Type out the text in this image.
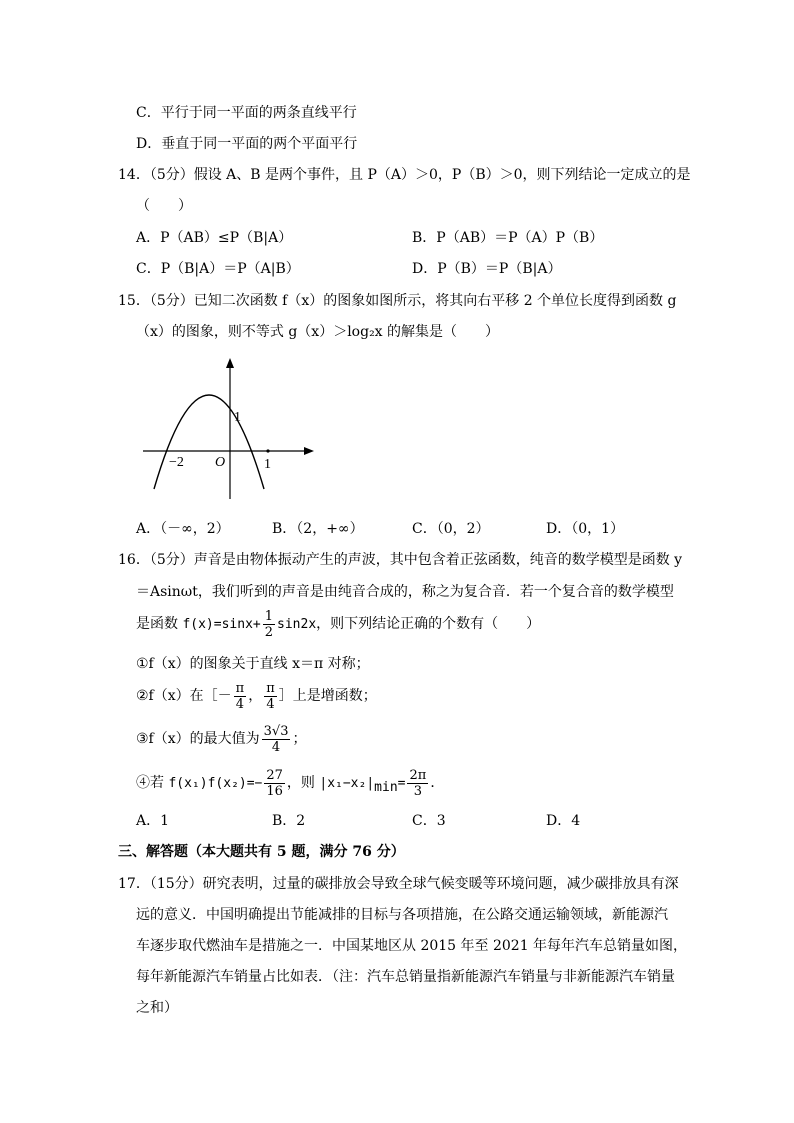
C．平行于同一平面的两条直线平行
D．垂直于同一平面的两个平面平行
14．（5分）假设 A、B 是两个事件，且 P（A）＞0，P（B）＞0，则下列结论一定成立的是
（　　）
A．P（AB）≤P（B|A）	B．P（AB）＝P（A）P（B）
C．P（B|A）＝P（A|B）	D．P（B）＝P（B|A）
15．（5分）已知二次函数 f（x）的图象如图所示，将其向右平移 2 个单位长度得到函数 g
（x）的图象，则不等式 g（x）＞log₂x 的解集是（　　）
1
−2 O	1
A．（－∞，2）	B．（2，+∞）	C．（0，2）	D．（0，1）
16．（5分）声音是由物体振动产生的声波，其中包含着正弦函数，纯音的数学模型是函数 y
＝Asinωt，我们听到的声音是由纯音合成的，称之为复合音．若一个复合音的数学模型
是函数 $f(x)=\sin x+ \frac{1}{2} \sin 2x$，则下列结论正确的个数有（　　）
①f（x）的图象关于直线 x＝π 对称；
②f（x）在［－ $\frac{\pi}{4}$ ， $\frac{\pi}{4}$ ］上是增函数；
③f（x）的最大值为 $\frac{3√3}{4}$ ；
④若 $f(x_1)f(x_2)=- \frac{27}{16}$ ，则 $|x_1-x_2|_{min}= \frac{2\pi}{3}$ ．
A．1	B．2	C．3	D．4
三、解答题（本大题共有 5 题，满分 76 分）
17．（15分）研究表明，过量的碳排放会导致全球气候变暖等环境问题，减少碳排放具有深
远的意义．中国明确提出节能减排的目标与各项措施，在公路交通运输领域，新能源汽
车逐步取代燃油车是措施之一．中国某地区从 2015 年至 2021 年每年汽车总销量如图，
每年新能源汽车销量占比如表．（注：汽车总销量指新能源汽车销量与非新能源汽车销量
之和）
